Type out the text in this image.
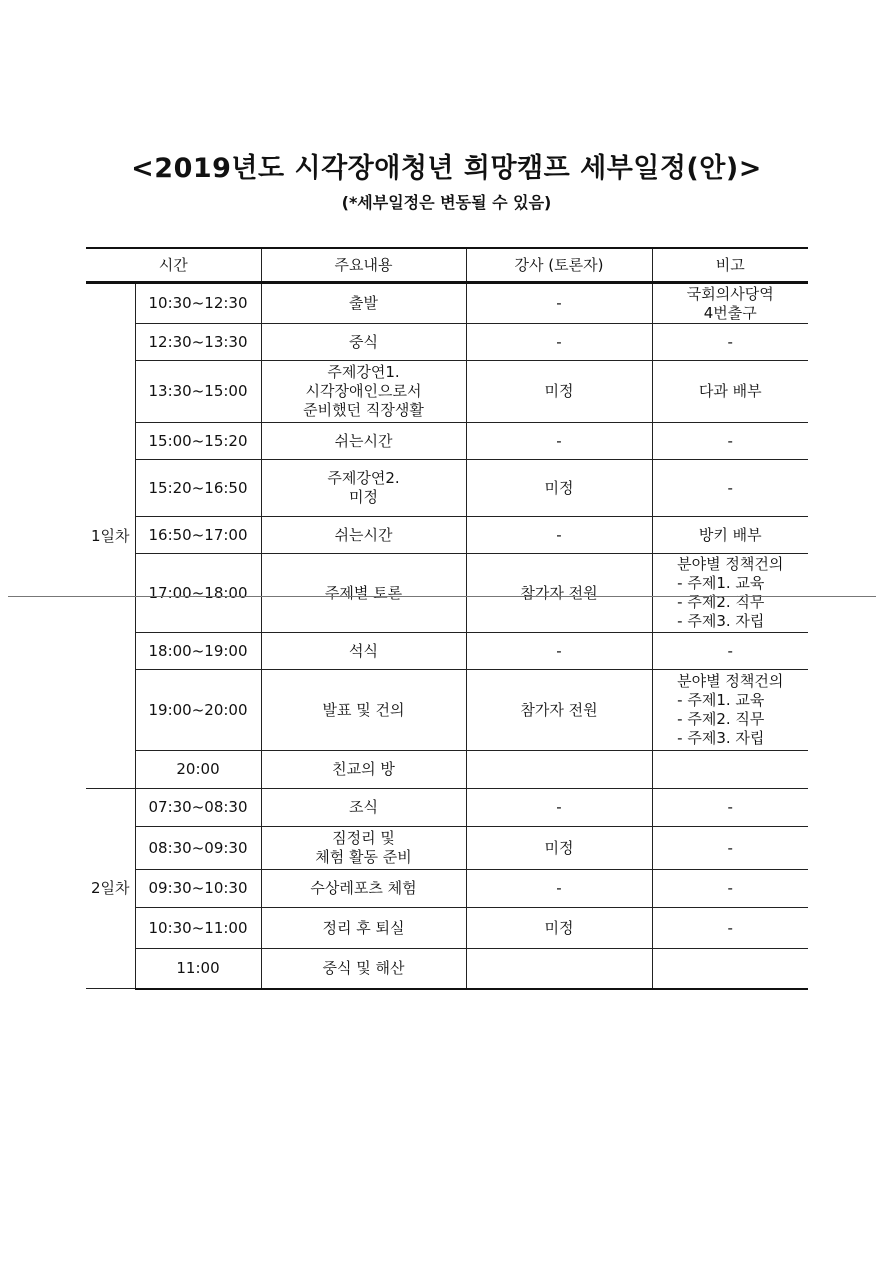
<2019년도 시각장애청년 희망캠프 세부일정(안)>
(*세부일정은 변동될 수 있음)
시간		주요내용	강사 (토론자)	비고
1일차	10:30~12:30	출발	-	국회의사당역
4번출구

	12:30~13:30	중식	-	-

	13:30~15:00	주제강연1.
시각장애인으로서
준비했던 직장생활	미정	다과 배부

	15:00~15:20	쉬는시간	-	-

	15:20~16:50	주제강연2.
미정	미정	-

	16:50~17:00	쉬는시간	-	방키 배부

	17:00~18:00	주제별 토론	참가자 전원	분야별 정책건의
- 주제1. 교육
- 주제2. 직무
- 주제3. 자립

	18:00~19:00	석식	-	-

	19:00~20:00	발표 및 건의	참가자 전원	분야별 정책건의
- 주제1. 교육
- 주제2. 직무
- 주제3. 자립

	20:00	친교의 방		

2일차	07:30~08:30	조식	-	-

	08:30~09:30	짐정리 및
체험 활동 준비	미정	-

	09:30~10:30	수상레포츠 체험	-	-

	10:30~11:00	정리 후 퇴실	미정	-

	11:00	중식 및 해산		
